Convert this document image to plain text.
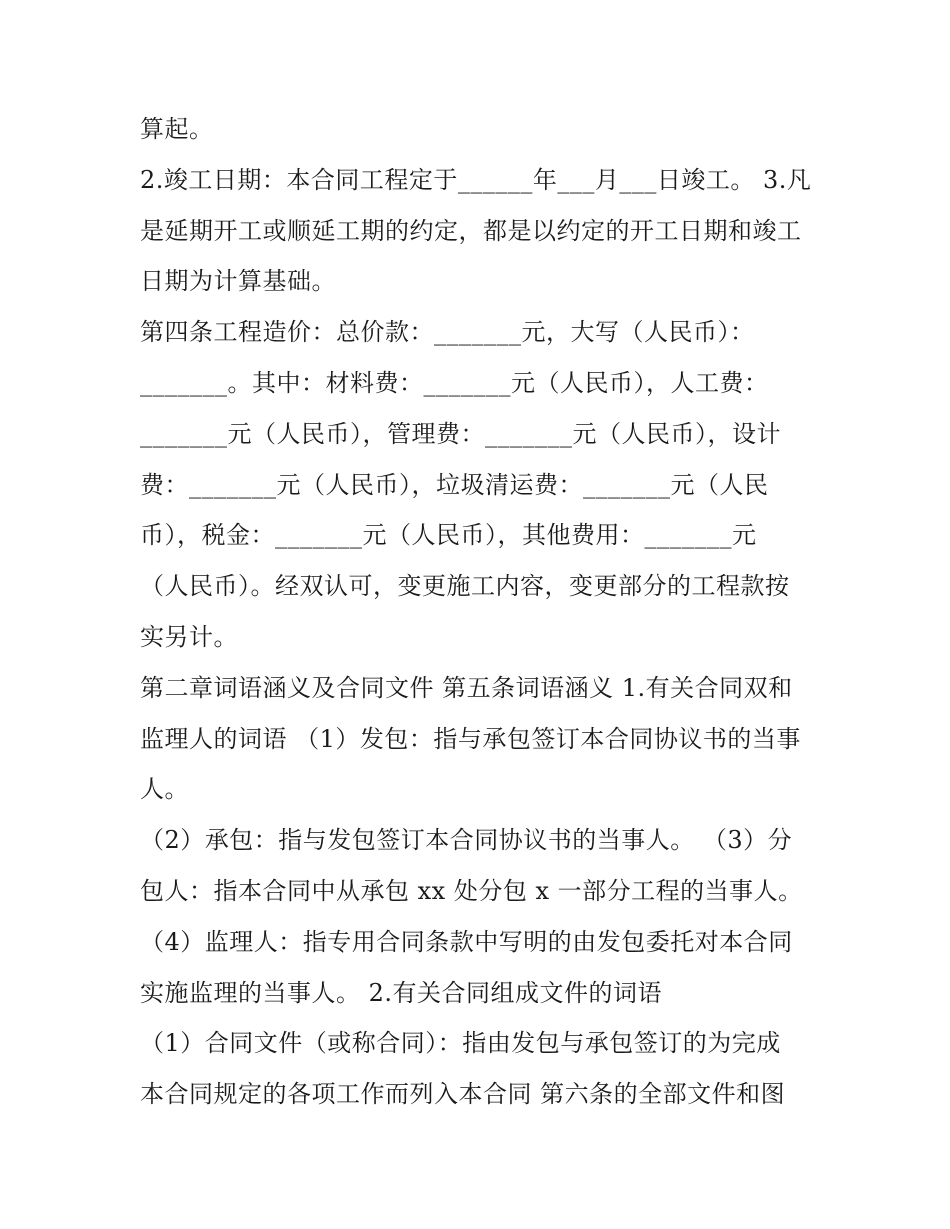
算起。
2.竣工日期：本合同工程定于______年___月___日竣工。 3.凡
是延期开工或顺延工期的约定，都是以约定的开工日期和竣工
日期为计算基础。
第四条工程造价：总价款：_______元，大写（人民币）：
_______。其中：材料费：_______元（人民币），人工费：
_______元（人民币），管理费：_______元（人民币），设计
费：_______元（人民币），垃圾清运费：_______元（人民
币），税金：_______元（人民币），其他费用：_______元
（人民币）。经双认可，变更施工内容，变更部分的工程款按
实另计。
第二章词语涵义及合同文件 第五条词语涵义 1.有关合同双和
监理人的词语 （1）发包：指与承包签订本合同协议书的当事
人。
（2）承包：指与发包签订本合同协议书的当事人。 （3）分
包人：指本合同中从承包 xx 处分包 x 一部分工程的当事人。
（4）监理人：指专用合同条款中写明的由发包委托对本合同
实施监理的当事人。 2.有关合同组成文件的词语
（1）合同文件（或称合同）：指由发包与承包签订的为完成
本合同规定的各项工作而列入本合同 第六条的全部文件和图
